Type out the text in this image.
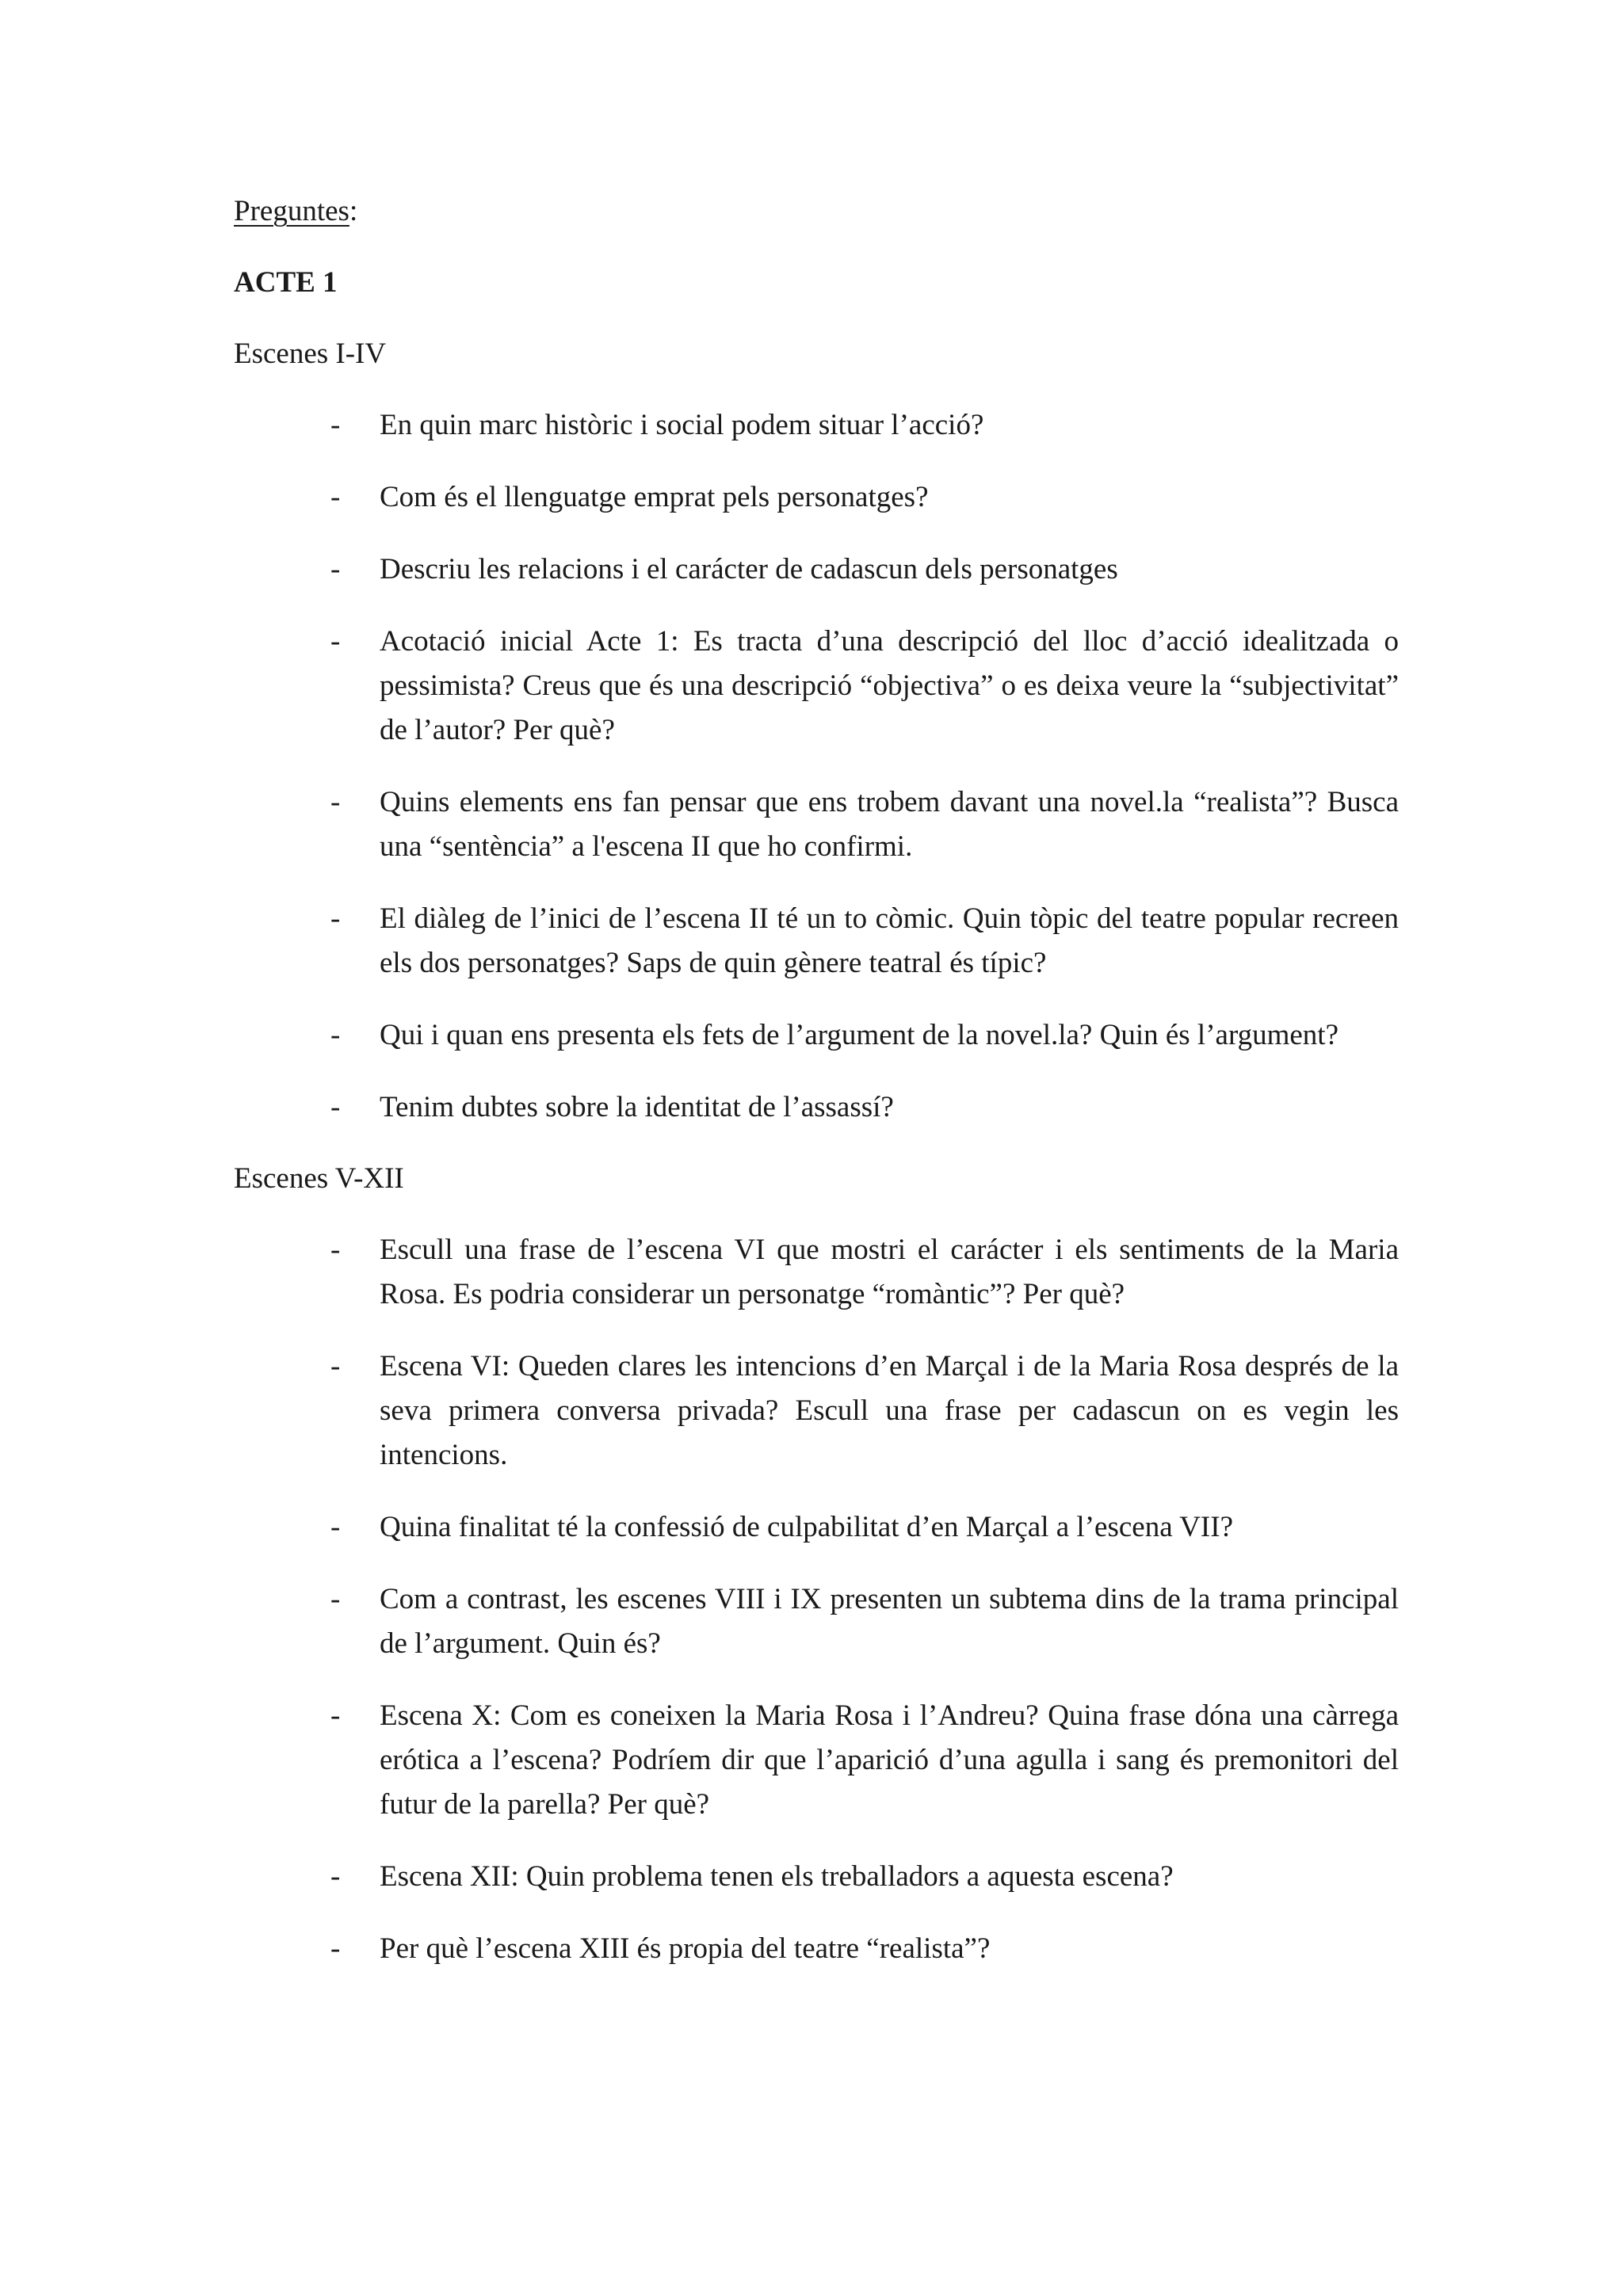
Preguntes:

ACTE 1

Escenes I-IV

- En quin marc històric i social podem situar l’acció?
- Com és el llenguatge emprat pels personatges?
- Descriu les relacions i el carácter de cadascun dels personatges
- Acotació inicial Acte 1: Es tracta d’una descripció del lloc d’acció idealitzada o pessimista? Creus que és una descripció “objectiva” o es deixa veure la “subjectivitat” de l’autor? Per què?
- Quins elements ens fan pensar que ens trobem davant una novel.la “realista”? Busca una “sentència” a l'escena II que ho confirmi.
- El diàleg de l’inici de l’escena II té un to còmic. Quin tòpic del teatre popular recreen els dos personatges? Saps de quin gènere teatral és típic?
- Qui i quan ens presenta els fets de l’argument de la novel.la? Quin és l’argument?
- Tenim dubtes sobre la identitat de l’assassí?

Escenes V-XII

- Escull una frase de l’escena VI que mostri el carácter i els sentiments de la Maria Rosa. Es podria considerar un personatge “romàntic”? Per què?
- Escena VI: Queden clares les intencions d’en Marçal i de la Maria Rosa després de la seva primera conversa privada? Escull una frase per cadascun on es vegin les intencions.
- Quina finalitat té la confessió de culpabilitat d’en Marçal a l’escena VII?
- Com a contrast, les escenes VIII i IX presenten un subtema dins de la trama principal de l’argument. Quin és?
- Escena X: Com es coneixen la Maria Rosa i l’Andreu? Quina frase dóna una càrrega erótica a l’escena? Podríem dir que l’aparició d’una agulla i sang és premonitori del futur de la parella? Per què?
- Escena XII: Quin problema tenen els treballadors a aquesta escena?
- Per què l’escena XIII és propia del teatre “realista”?
